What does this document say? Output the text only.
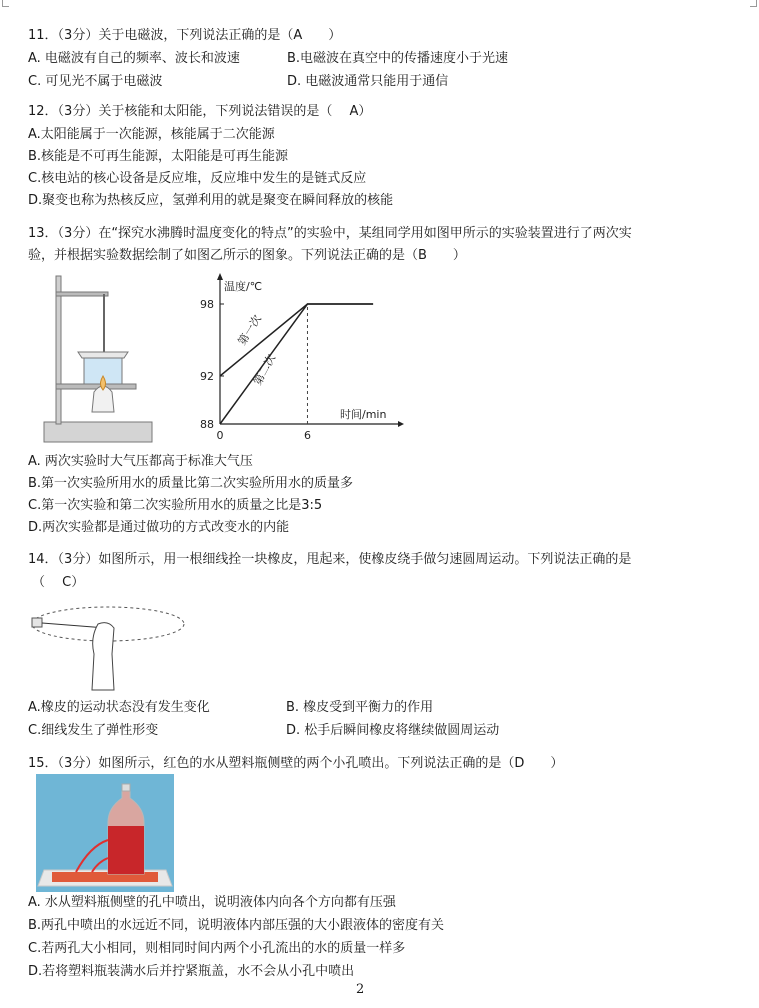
11．（3分）关于电磁波，下列说法正确的是（A　　）
A. 电磁波有自己的频率、波长和波速	B.电磁波在真空中的传播速度小于光速
C. 可见光不属于电磁波	D. 电磁波通常只能用于通信
12．（3分）关于核能和太阳能，下列说法错误的是（　 A）
A.太阳能属于一次能源，核能属于二次能源
B.核能是不可再生能源，太阳能是可再生能源
C.核电站的核心设备是反应堆，反应堆中发生的是链式反应
D.聚变也称为热核反应，氢弹利用的就是聚变在瞬间释放的核能
13．（3分）在“探究水沸腾时温度变化的特点”的实验中，某组同学用如图甲所示的实验装置进行了两次实
验，并根据实验数据绘制了如图乙所示的图象。下列说法正确的是（B　　）
温度/℃
时间/min
88
92
98
0	6
第一次
第二次
A. 两次实验时大气压都高于标准大气压
B.第一次实验所用水的质量比第二次实验所用水的质量多
C.第一次实验和第二次实验所用水的质量之比是3:5
D.两次实验都是通过做功的方式改变水的内能
14．（3分）如图所示，用一根细线拴一块橡皮，甩起来，使橡皮绕手做匀速圆周运动。下列说法正确的是
（　 C）
A.橡皮的运动状态没有发生变化	B. 橡皮受到平衡力的作用
C.细线发生了弹性形变	D. 松手后瞬间橡皮将继续做圆周运动
15．（3分）如图所示，红色的水从塑料瓶侧壁的两个小孔喷出。下列说法正确的是（D　　）
A. 水从塑料瓶侧壁的孔中喷出，说明液体内向各个方向都有压强
B.两孔中喷出的水远近不同，说明液体内部压强的大小跟液体的密度有关
C.若两孔大小相同，则相同时间内两个小孔流出的水的质量一样多
D.若将塑料瓶装满水后并拧紧瓶盖，水不会从小孔中喷出
2
